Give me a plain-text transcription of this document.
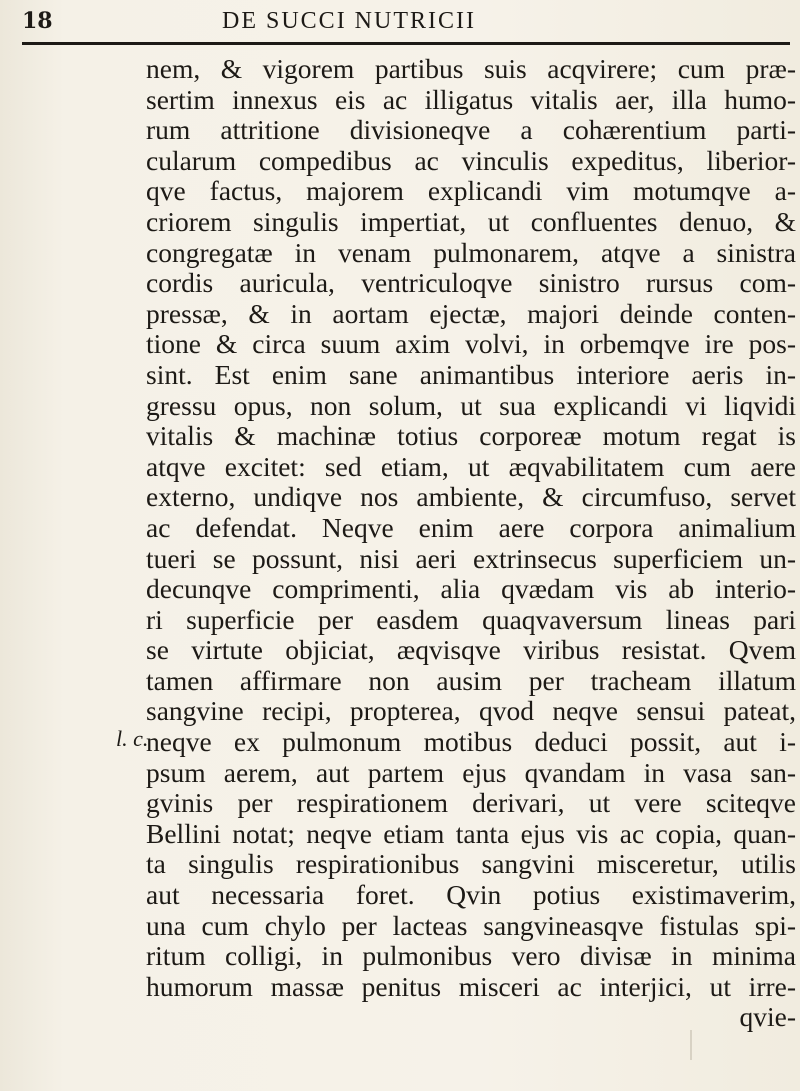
18	DE SUCCI NUTRICII
l. c.
nem, & vigorem partibus suis acqvirere; cum præ-
sertim innexus eis ac illigatus vitalis aer, illa humo-
rum attritione divisioneqve a cohærentium parti-
cularum compedibus ac vinculis expeditus, liberior-
qve factus, majorem explicandi vim motumqve a-
criorem singulis impertiat, ut confluentes denuo, &
congregatæ in venam pulmonarem, atqve a sinistra
cordis auricula, ventriculoqve sinistro rursus com-
pressæ, & in aortam ejectæ, majori deinde conten-
tione & circa suum axim volvi, in orbemqve ire pos-
sint. Est enim sane animantibus interiore aeris in-
gressu opus, non solum, ut sua explicandi vi liqvidi
vitalis & machinæ totius corporeæ motum regat is
atqve excitet: sed etiam, ut æqvabilitatem cum aere
externo, undiqve nos ambiente, & circumfuso, servet
ac defendat. Neqve enim aere corpora animalium
tueri se possunt, nisi aeri extrinsecus superficiem un-
decunqve comprimenti, alia qvædam vis ab interio-
ri superficie per easdem quaqvaversum lineas pari
se virtute objiciat, æqvisqve viribus resistat. Qvem
tamen affirmare non ausim per tracheam illatum
sangvine recipi, propterea, qvod neqve sensui pateat,
neqve ex pulmonum motibus deduci possit, aut i-
psum aerem, aut partem ejus qvandam in vasa san-
gvinis per respirationem derivari, ut vere sciteqve
Bellini notat; neqve etiam tanta ejus vis ac copia, quan-
ta singulis respirationibus sangvini misceretur, utilis
aut necessaria foret. Qvin potius existimaverim,
una cum chylo per lacteas sangvineasqve fistulas spi-
ritum colligi, in pulmonibus vero divisæ in minima
humorum massæ penitus misceri ac interjici, ut irre-
qvie-
